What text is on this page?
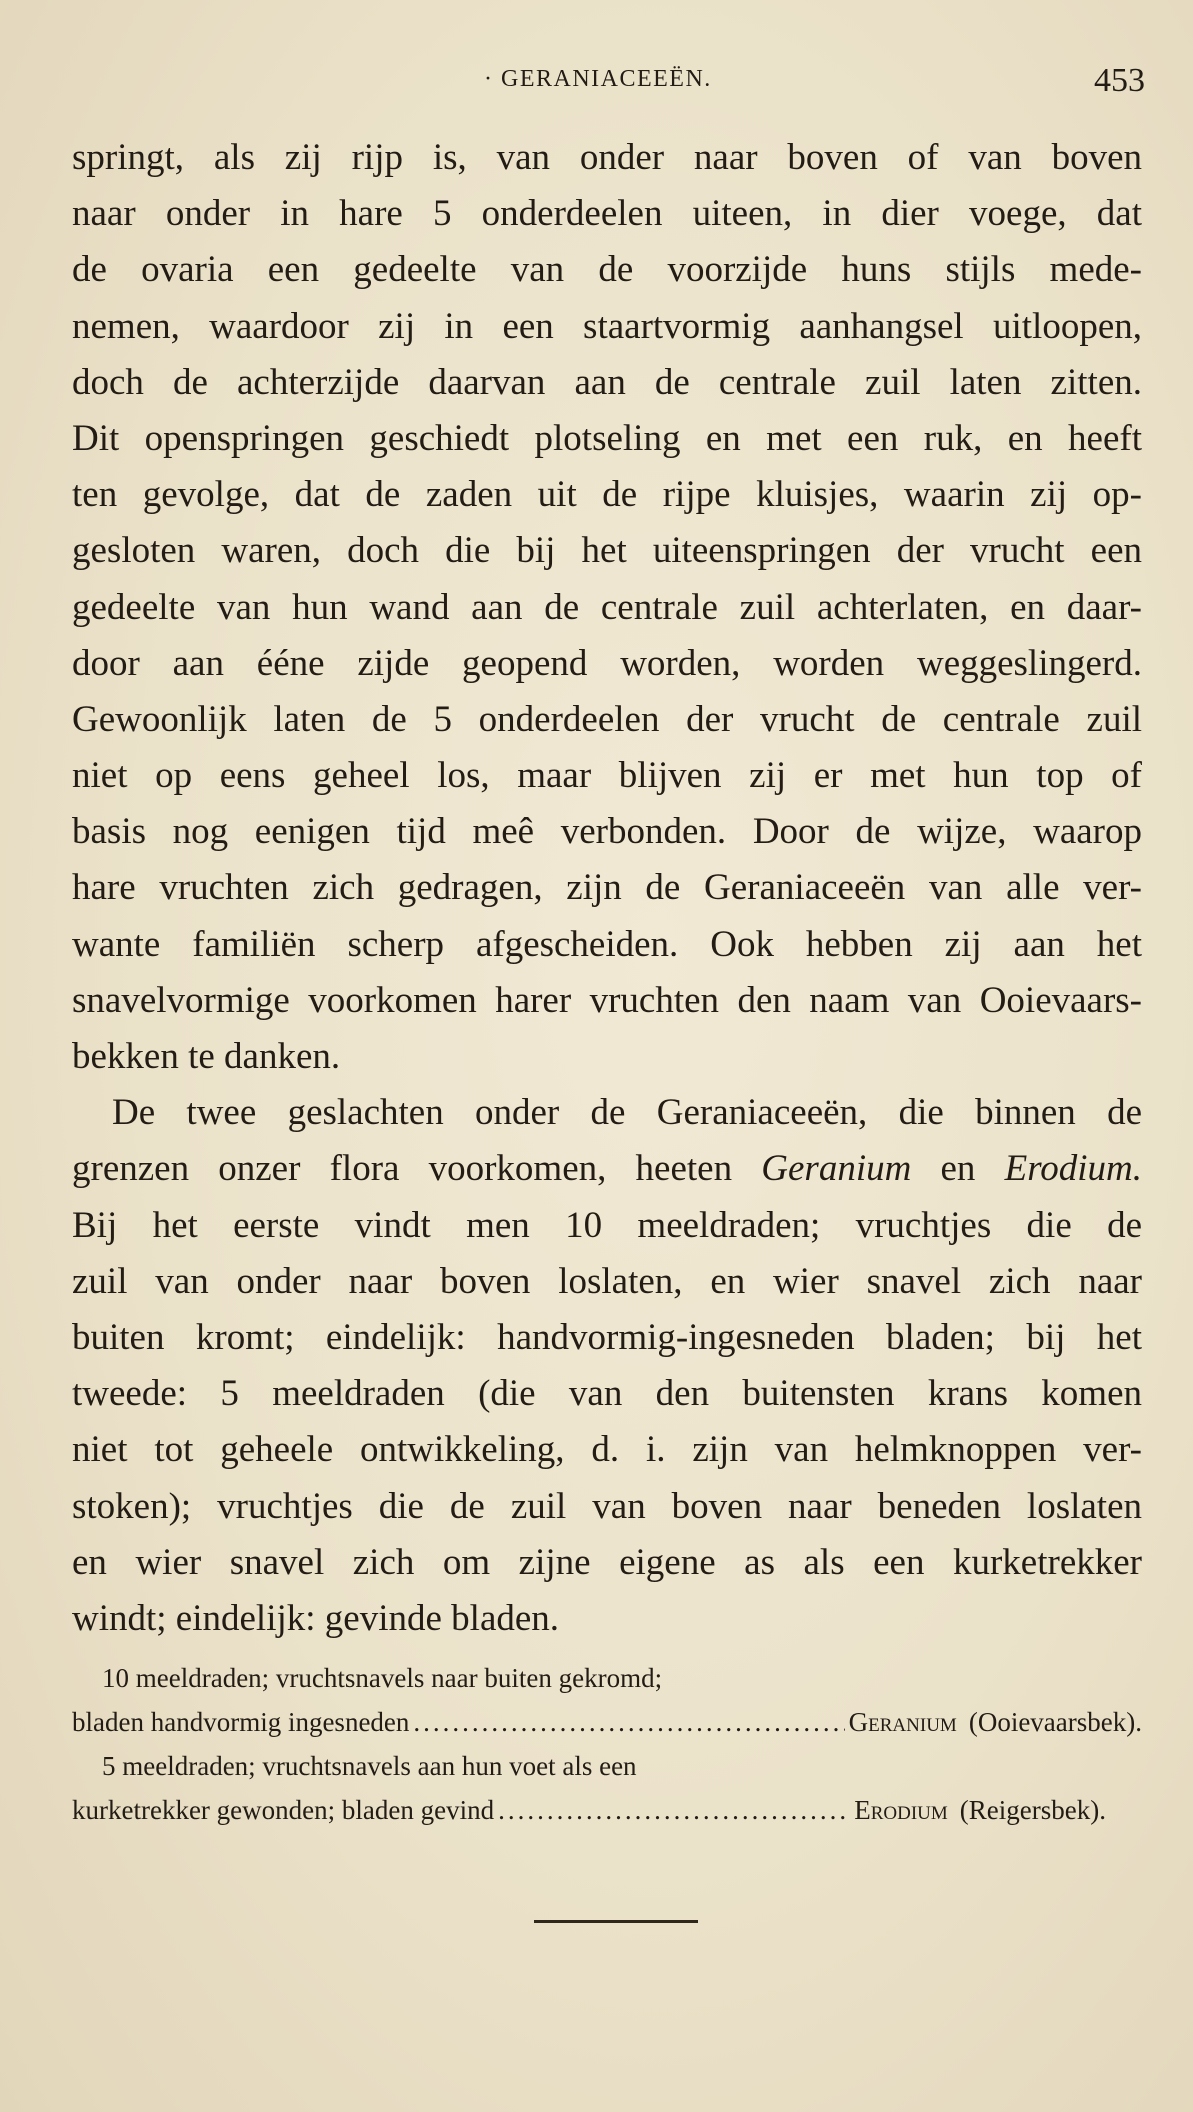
· GERANIACEEËN.	453
springt, als zij rijp is, van onder naar boven of van boven
naar onder in hare 5 onderdeelen uiteen, in dier voege, dat
de ovaria een gedeelte van de voorzijde huns stijls mede-
nemen, waardoor zij in een staartvormig aanhangsel uitloopen,
doch de achterzijde daarvan aan de centrale zuil laten zitten.
Dit openspringen geschiedt plotseling en met een ruk, en heeft
ten gevolge, dat de zaden uit de rijpe kluisjes, waarin zij op-
gesloten waren, doch die bij het uiteenspringen der vrucht een
gedeelte van hun wand aan de centrale zuil achterlaten, en daar-
door aan ééne zijde geopend worden, worden weggeslingerd.
Gewoonlijk laten de 5 onderdeelen der vrucht de centrale zuil
niet op eens geheel los, maar blijven zij er met hun top of
basis nog eenigen tijd meê verbonden. Door de wijze, waarop
hare vruchten zich gedragen, zijn de Geraniaceeën van alle ver-
wante familiën scherp afgescheiden. Ook hebben zij aan het
snavelvormige voorkomen harer vruchten den naam van Ooievaars-
bekken te danken.
De twee geslachten onder de Geraniaceeën, die binnen de
grenzen onzer flora voorkomen, heeten Geranium en Erodium.
Bij het eerste vindt men 10 meeldraden; vruchtjes die de
zuil van onder naar boven loslaten, en wier snavel zich naar
buiten kromt; eindelijk: handvormig-ingesneden bladen; bij het
tweede: 5 meeldraden (die van den buitensten krans komen
niet tot geheele ontwikkeling, d. i. zijn van helmknoppen ver-
stoken); vruchtjes die de zuil van boven naar beneden loslaten
en wier snavel zich om zijne eigene as als een kurketrekker
windt; eindelijk: gevinde bladen.
10 meeldraden; vruchtsnavels naar buiten gekromd;
bladen handvormig ingesneden .....	Geranium (Ooievaarsbek).
5 meeldraden; vruchtsnavels aan hun voet als een
kurketrekker gewonden; bladen gevind .....	Erodium (Reigersbek).
